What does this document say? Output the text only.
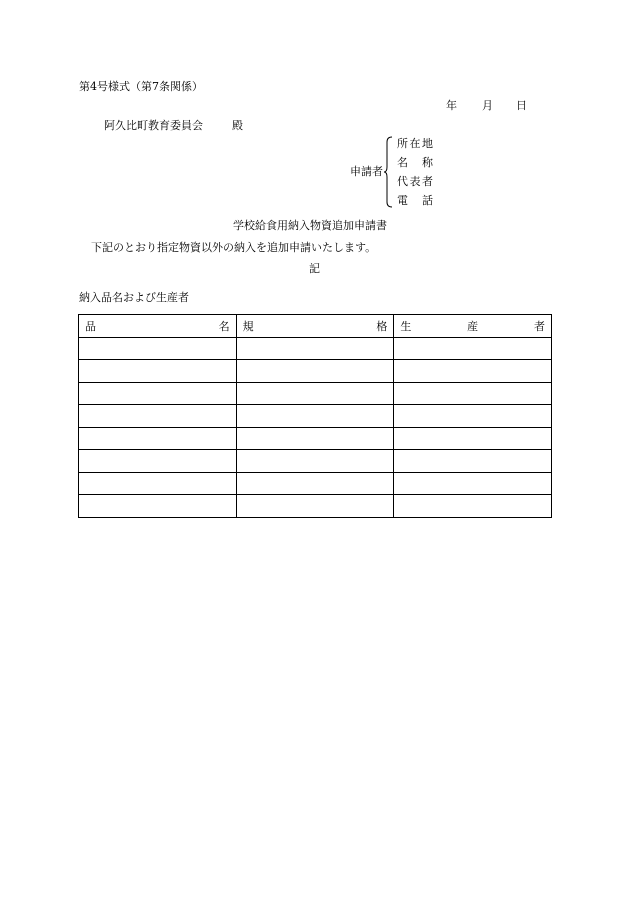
第4号様式（第7条関係）
年 月 日
阿久比町教育委員会	殿
申請者
所 在 地
名 称
代 表 者
電 話
学校給食用納入物資追加申請書
下記のとおり指定物資以外の納入を追加申請いたします。
記
納入品名および生産者
品 名	規 格	生 産 者
